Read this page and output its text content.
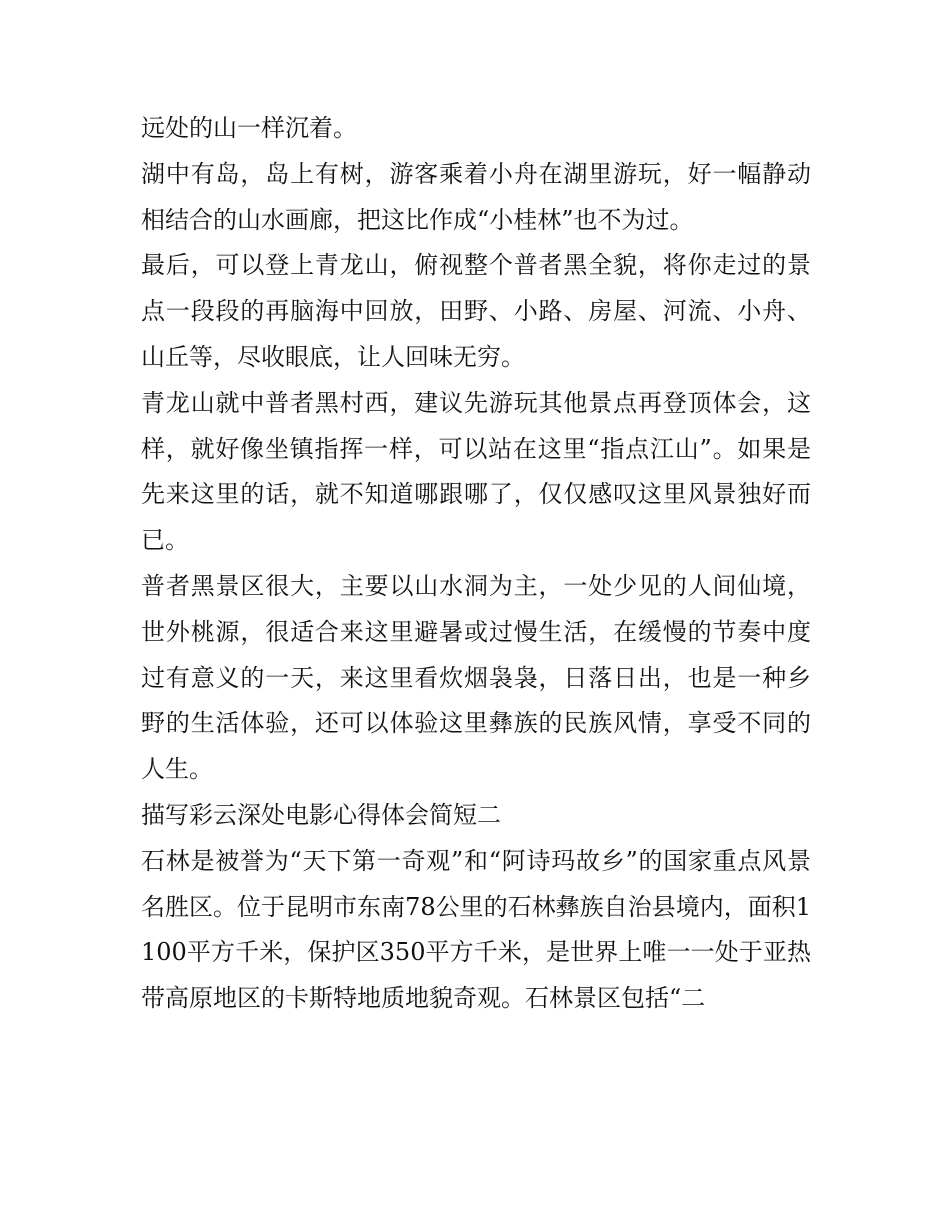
远处的山一样沉着。

湖中有岛，岛上有树，游客乘着小舟在湖里游玩，好一幅静动相结合的山水画廊，把这比作成“小桂林”也不为过。

最后，可以登上青龙山，俯视整个普者黑全貌，将你走过的景点一段段的再脑海中回放，田野、小路、房屋、河流、小舟、山丘等，尽收眼底，让人回味无穷。

青龙山就中普者黑村西，建议先游玩其他景点再登顶体会，这样，就好像坐镇指挥一样，可以站在这里“指点江山”。如果是先来这里的话，就不知道哪跟哪了，仅仅感叹这里风景独好而已。

普者黑景区很大，主要以山水洞为主，一处少见的人间仙境，世外桃源，很适合来这里避暑或过慢生活，在缓慢的节奏中度过有意义的一天，来这里看炊烟袅袅，日落日出，也是一种乡野的生活体验，还可以体验这里彝族的民族风情，享受不同的人生。

描写彩云深处电影心得体会简短二

石林是被誉为“天下第一奇观”和“阿诗玛故乡”的国家重点风景名胜区。位于昆明市东南78公里的石林彝族自治县境内，面积1100平方千米，保护区350平方千米，是世界上唯一一处于亚热带高原地区的卡斯特地质地貌奇观。石林景区包括“二
